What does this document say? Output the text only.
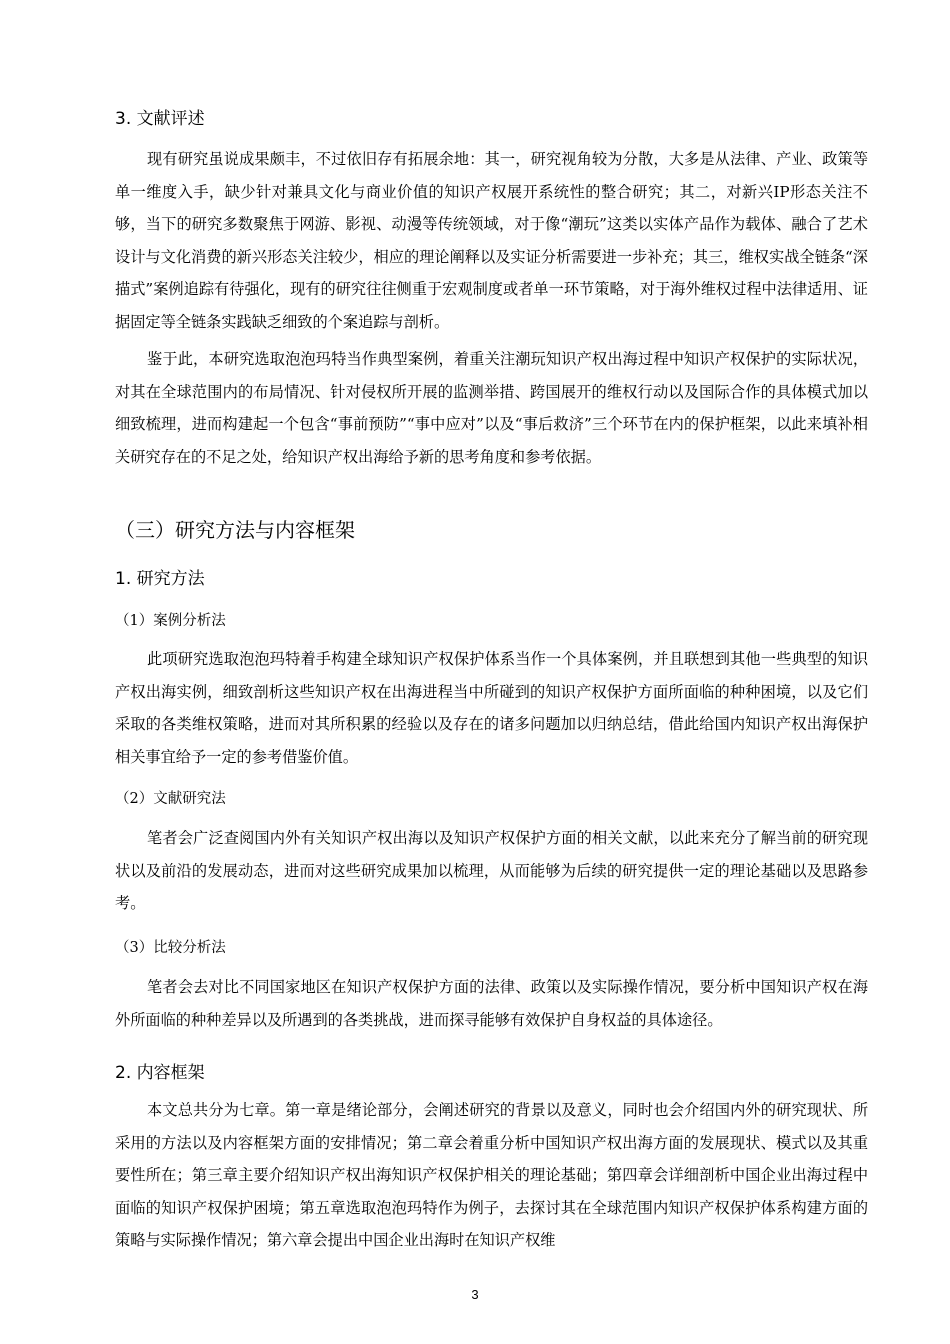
3. 文献评述

现有研究虽说成果颇丰，不过依旧存有拓展余地：其一，研究视角较为分散，大多是从法律、产业、政策等单一维度入手，缺少针对兼具文化与商业价值的知识产权展开系统性的整合研究；其二，对新兴IP形态关注不够，当下的研究多数聚焦于网游、影视、动漫等传统领域，对于像“潮玩”这类以实体产品作为载体、融合了艺术设计与文化消费的新兴形态关注较少，相应的理论阐释以及实证分析需要进一步补充；其三，维权实战全链条“深描式”案例追踪有待强化，现有的研究往往侧重于宏观制度或者单一环节策略，对于海外维权过程中法律适用、证据固定等全链条实践缺乏细致的个案追踪与剖析。

鉴于此，本研究选取泡泡玛特当作典型案例，着重关注潮玩知识产权出海过程中知识产权保护的实际状况，对其在全球范围内的布局情况、针对侵权所开展的监测举措、跨国展开的维权行动以及国际合作的具体模式加以细致梳理，进而构建起一个包含“事前预防”“事中应对”以及“事后救济”三个环节在内的保护框架，以此来填补相关研究存在的不足之处，给知识产权出海给予新的思考角度和参考依据。

（三）研究方法与内容框架
1. 研究方法
（1）案例分析法

此项研究选取泡泡玛特着手构建全球知识产权保护体系当作一个具体案例，并且联想到其他一些典型的知识产权出海实例，细致剖析这些知识产权在出海进程当中所碰到的知识产权保护方面所面临的种种困境，以及它们采取的各类维权策略，进而对其所积累的经验以及存在的诸多问题加以归纳总结，借此给国内知识产权出海保护相关事宜给予一定的参考借鉴价值。

（2）文献研究法

笔者会广泛查阅国内外有关知识产权出海以及知识产权保护方面的相关文献，以此来充分了解当前的研究现状以及前沿的发展动态，进而对这些研究成果加以梳理，从而能够为后续的研究提供一定的理论基础以及思路参考。

（3）比较分析法

笔者会去对比不同国家地区在知识产权保护方面的法律、政策以及实际操作情况，要分析中国知识产权在海外所面临的种种差异以及所遇到的各类挑战，进而探寻能够有效保护自身权益的具体途径。

2. 内容框架

本文总共分为七章。第一章是绪论部分，会阐述研究的背景以及意义，同时也会介绍国内外的研究现状、所采用的方法以及内容框架方面的安排情况；第二章会着重分析中国知识产权出海方面的发展现状、模式以及其重要性所在；第三章主要介绍知识产权出海知识产权保护相关的理论基础；第四章会详细剖析中国企业出海过程中面临的知识产权保护困境；第五章选取泡泡玛特作为例子，去探讨其在全球范围内知识产权保护体系构建方面的策略与实际操作情况；第六章会提出中国企业出海时在知识产权维

3
